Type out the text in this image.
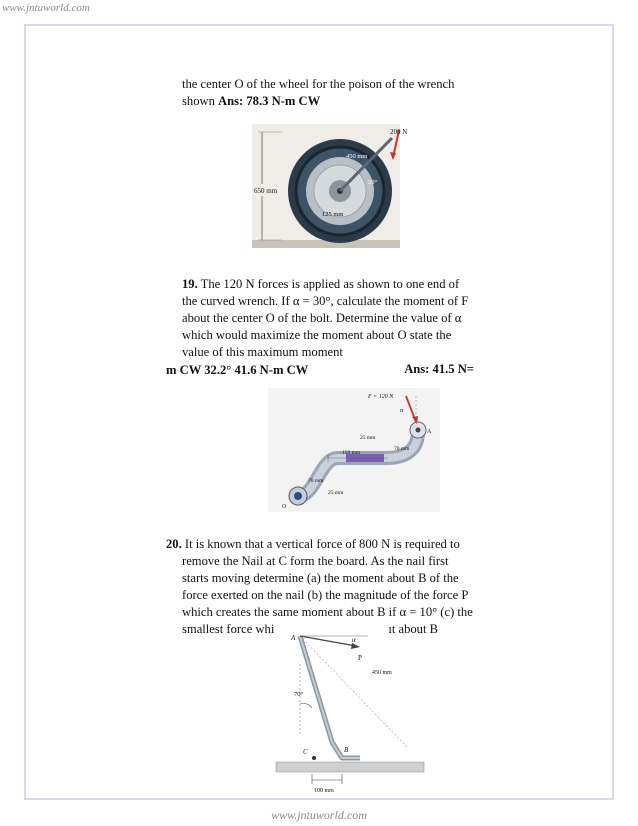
www.jntuworld.com
the center O of the wheel for the poison of the wrench
shown Ans: 78.3 N-m CW
650 mm
200 N
450 mm
20°
125 mm
19. The 120 N forces is applied as shown to one end of
the curved wrench. If α = 30°, calculate the moment of F
about the center O of the bolt. Determine the value of α
which would maximize the moment about O state the
value of this maximum moment
Ans: 41.5 N=
m CW 32.2° 41.6 N-m CW
F = 120 N
α
A
O
25 mm
150 mm
70 mm
70 mm
25 mm
20. It is known that a vertical force of 800 N is required to
remove the Nail at C form the board. As the nail first
starts moving determine (a) the moment about B of the
force exerted on the nail (b) the magnitude of the force P
which creates the same moment about B if α = 10° (c) the
smallest force whi	ıt about B
A
B
C
P
α
450 mm
70°
100 mm
www.jntuworld.com
